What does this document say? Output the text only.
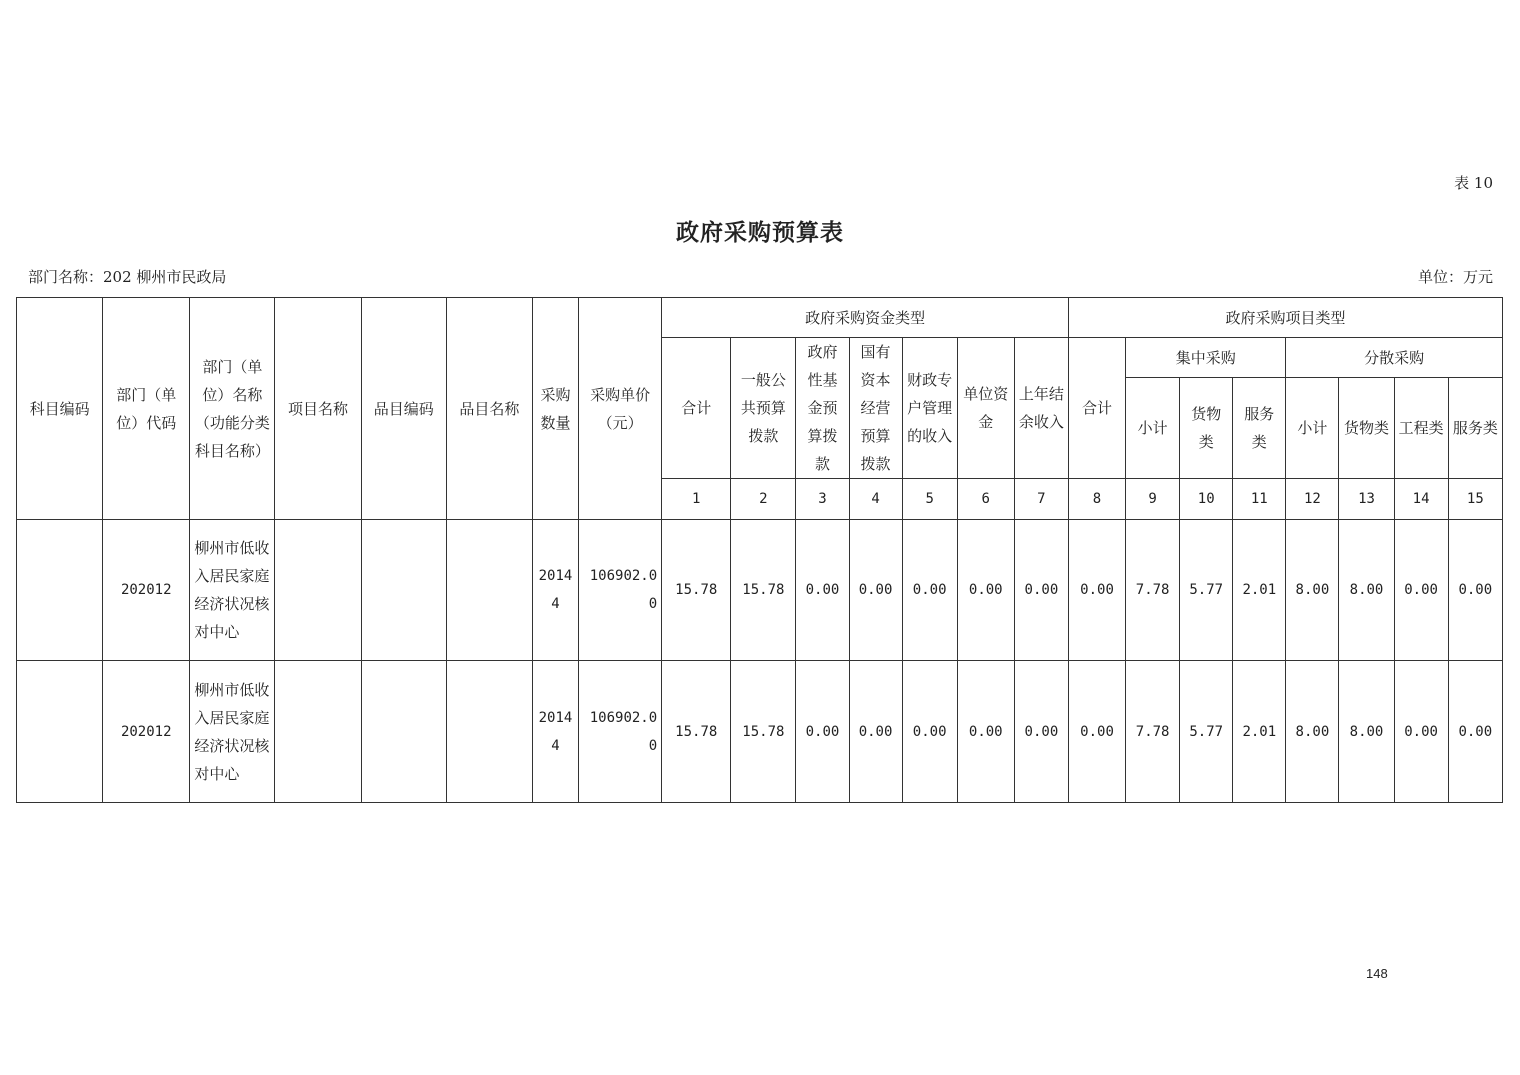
表 10
政府采购预算表
部门名称：202 柳州市民政局	单位：万元
科目编码	部门（单位）代码	部门（单位）名称（功能分类科目名称）	项目名称	品目编码	品目名称	采购数量	采购单价（元）	政府采购资金类型							政府采购项目类型							
								合计	一般公共预算拨款	政府性基金预算拨款	国有资本经营预算拨款	财政专户管理的收入	单位资金	上年结余收入	合计	集中采购			分散采购			
																小计	货物类	服务类	小计	货物类	工程类	服务类
								1	2	3	4	5	6	7	8	9	10	11	12	13	14	15
	202012	柳州市低收入居民家庭经济状况核对中心				20144	106902.00	15.78	15.78	0.00	0.00	0.00	0.00	0.00	0.00	7.78	5.77	2.01	8.00	8.00	0.00	0.00
	202012	柳州市低收入居民家庭经济状况核对中心				20144	106902.00	15.78	15.78	0.00	0.00	0.00	0.00	0.00	0.00	7.78	5.77	2.01	8.00	8.00	0.00	0.00
148
